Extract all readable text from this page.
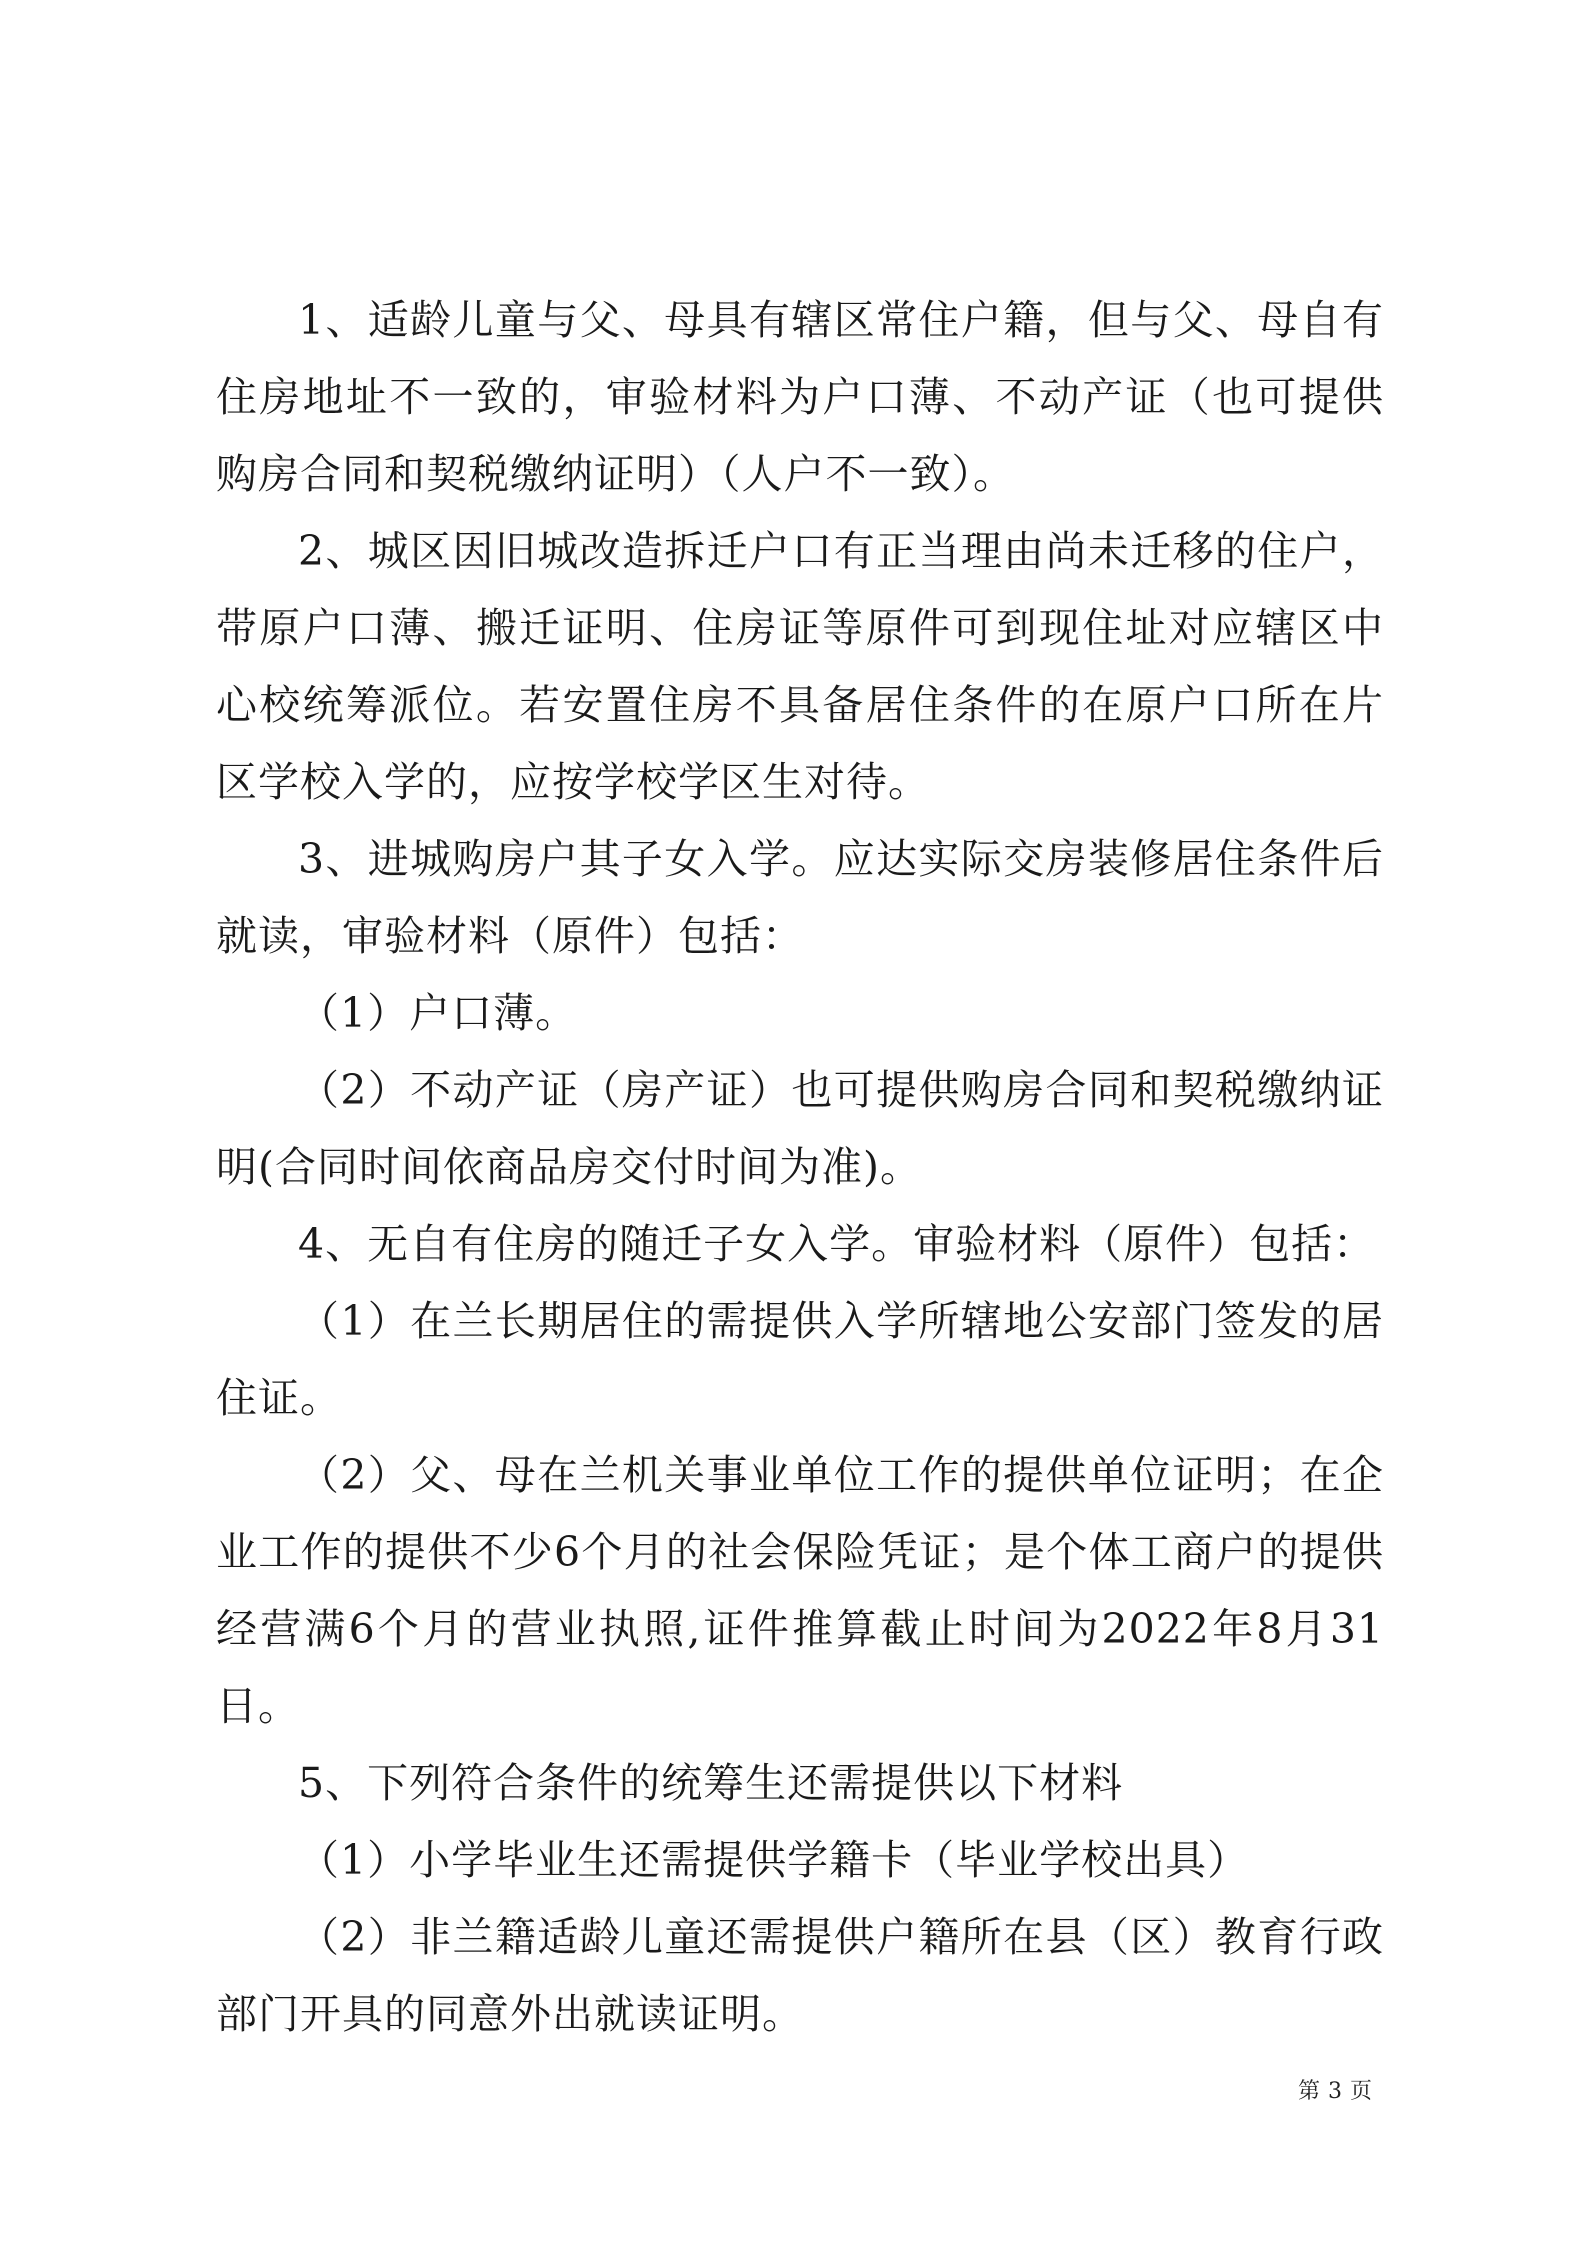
1、适龄儿童与父、母具有辖区常住户籍，但与父、母自有住房地址不一致的，审验材料为户口薄、不动产证（也可提供购房合同和契税缴纳证明）（人户不一致）。

2、城区因旧城改造拆迁户口有正当理由尚未迁移的住户，带原户口薄、搬迁证明、住房证等原件可到现住址对应辖区中心校统筹派位。若安置住房不具备居住条件的在原户口所在片区学校入学的，应按学校学区生对待。

3、进城购房户其子女入学。应达实际交房装修居住条件后就读，审验材料（原件）包括：

（1）户口薄。

（2）不动产证（房产证）也可提供购房合同和契税缴纳证明(合同时间依商品房交付时间为准)。

4、无自有住房的随迁子女入学。审验材料（原件）包括：

（1）在兰长期居住的需提供入学所辖地公安部门签发的居住证。

（2）父、母在兰机关事业单位工作的提供单位证明；在企业工作的提供不少6个月的社会保险凭证；是个体工商户的提供经营满6个月的营业执照,证件推算截止时间为2022年8月31日。

5、下列符合条件的统筹生还需提供以下材料

（1）小学毕业生还需提供学籍卡（毕业学校出具）

（2）非兰籍适龄儿童还需提供户籍所在县（区）教育行政部门开具的同意外出就读证明。

第 3 页
